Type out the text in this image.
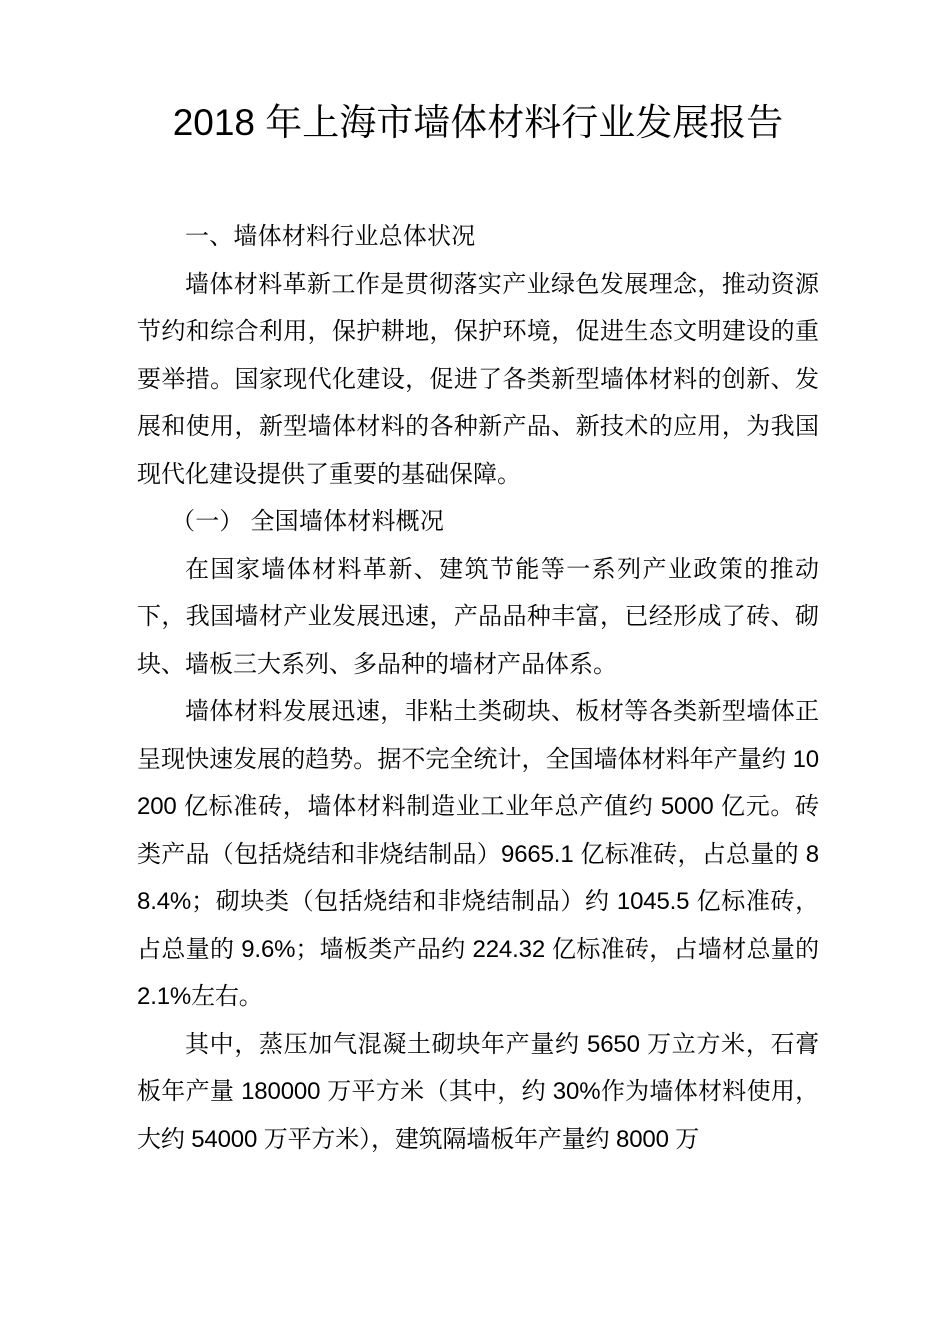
2018 年上海市墙体材料行业发展报告

一、墙体材料行业总体状况

墙体材料革新工作是贯彻落实产业绿色发展理念，推动资源节约和综合利用，保护耕地，保护环境，促进生态文明建设的重要举措。国家现代化建设，促进了各类新型墙体材料的创新、发展和使用，新型墙体材料的各种新产品、新技术的应用，为我国现代化建设提供了重要的基础保障。

（一） 全国墙体材料概况

在国家墙体材料革新、建筑节能等一系列产业政策的推动下，我国墙材产业发展迅速，产品品种丰富，已经形成了砖、砌块、墙板三大系列、多品种的墙材产品体系。

墙体材料发展迅速，非粘土类砌块、板材等各类新型墙体正呈现快速发展的趋势。据不完全统计，全国墙体材料年产量约 10200 亿标准砖，墙体材料制造业工业年总产值约 5000 亿元。砖类产品（包括烧结和非烧结制品）9665.1 亿标准砖，占总量的 88.4%；砌块类（包括烧结和非烧结制品）约 1045.5 亿标准砖，占总量的 9.6%；墙板类产品约 224.32 亿标准砖，占墙材总量的 2.1%左右。

其中，蒸压加气混凝土砌块年产量约 5650 万立方米，石膏板年产量 180000 万平方米（其中，约 30%作为墙体材料使用，大约 54000 万平方米），建筑隔墙板年产量约 8000 万
